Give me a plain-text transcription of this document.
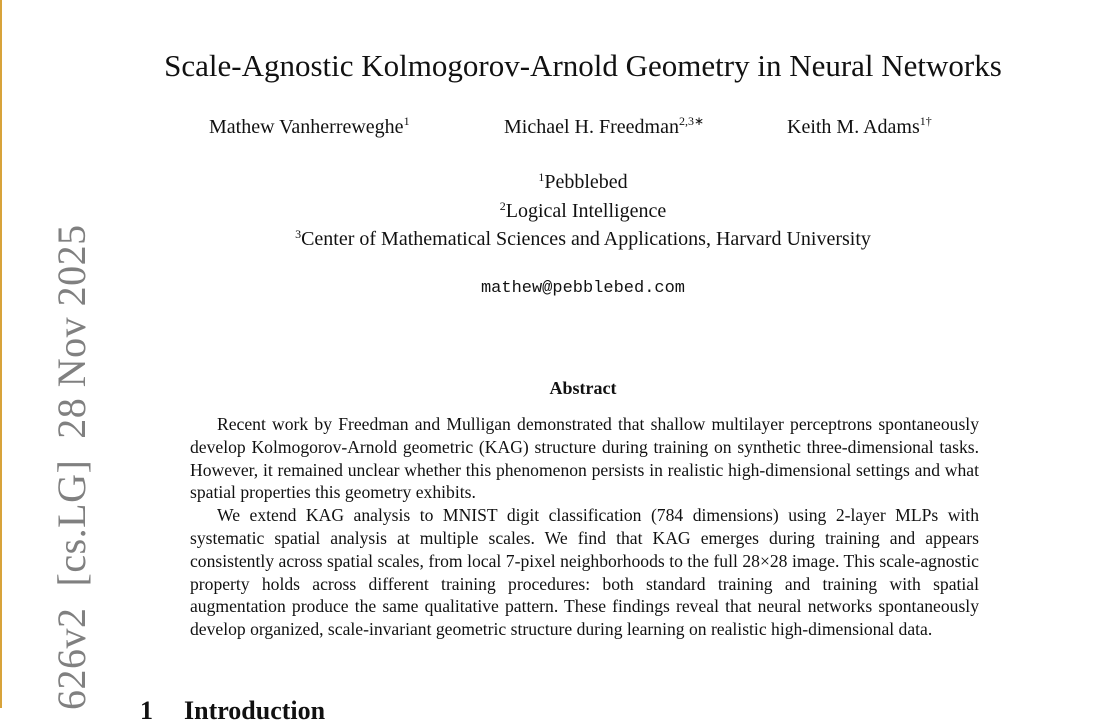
626v2  [cs.LG]  28 Nov 2025
Scale-Agnostic Kolmogorov-Arnold Geometry in Neural Networks
Mathew Vanherreweghe$^1$	Michael H. Freedman$^{2,3∗}$	Keith M. Adams$^{1\dagger}$
$^1$Pebblebed
$^2$Logical Intelligence
$^3$Center of Mathematical Sciences and Applications, Harvard University
mathew@pebblebed.com
Abstract

Recent work by Freedman and Mulligan demonstrated that shallow multilayer perceptrons spontaneously develop Kolmogorov-Arnold geometric (KAG) structure during training on synthetic three-dimensional tasks. However, it remained unclear whether this phenomenon persists in realistic high-dimensional settings and what spatial properties this geometry exhibits.

We extend KAG analysis to MNIST digit classification (784 dimensions) using 2-layer MLPs with systematic spatial analysis at multiple scales. We find that KAG emerges during training and appears consistently across spatial scales, from local 7-pixel neighborhoods to the full 28×28 image. This scale-agnostic property holds across different training procedures: both standard training and training with spatial augmentation produce the same qualitative pattern. These findings reveal that neural networks spontaneously develop organized, scale-invariant geometric structure during learning on realistic high-dimensional data.

1 Introduction
